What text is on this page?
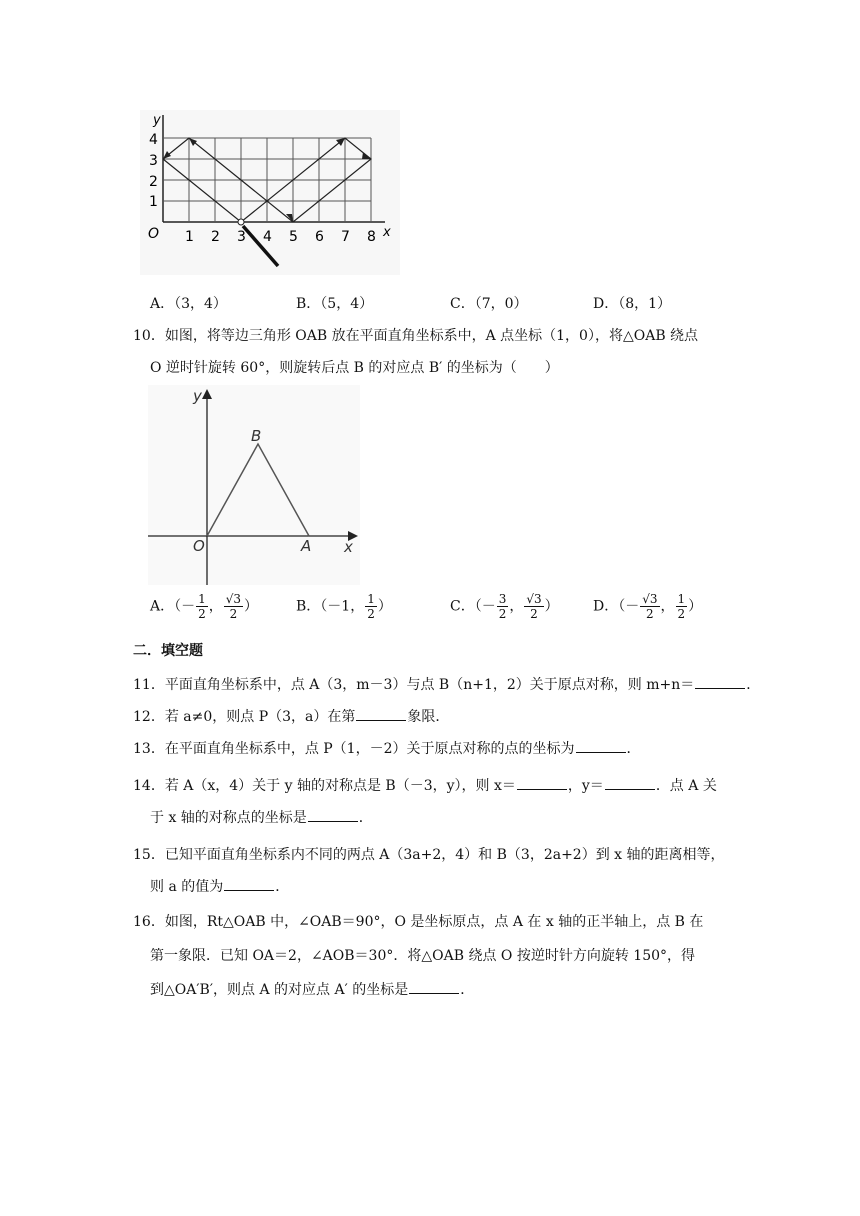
y
x
O
1
2
3
4
1 2 3 4 5 6 7 8
A．（3，4）	B．（5，4）	C．（7，0）	D．（8，1）
10．如图，将等边三角形 OAB 放在平面直角坐标系中，A 点坐标（1，0），将△OAB 绕点
O 逆时针旋转 60°，则旋转后点 B 的对应点 B′ 的坐标为（　　）
y
x
O	A
B
A．（－ $\frac{1}{2}$ ， $\frac{√3}{2}$ ）	B．（－1， $\frac{1}{2}$ ）	C．（－ $\frac{3}{2}$ ， $\frac{√3}{2}$ ） D．（－ $\frac{√3}{2}$ ， $\frac{1}{2}$ ）
二．填空题
11．平面直角坐标系中，点 A（3，m－3）与点 B（n+1，2）关于原点对称，则 m+n＝	．
12．若 a≠0，则点 P（3，a）在第	象限．
13．在平面直角坐标系中，点 P（1，－2）关于原点对称的点的坐标为	．
14．若 A（x，4）关于 y 轴的对称点是 B（－3，y），则 x＝	，y＝	．点 A 关
于 x 轴的对称点的坐标是	．
15．已知平面直角坐标系内不同的两点 A（3a+2，4）和 B（3，2a+2）到 x 轴的距离相等，
则 a 的值为	．
16．如图，Rt△OAB 中，∠OAB＝90°，O 是坐标原点，点 A 在 x 轴的正半轴上，点 B 在
第一象限．已知 OA＝2，∠AOB＝30°．将△OAB 绕点 O 按逆时针方向旋转 150°，得
到△OA′B′，则点 A 的对应点 A′ 的坐标是	．
